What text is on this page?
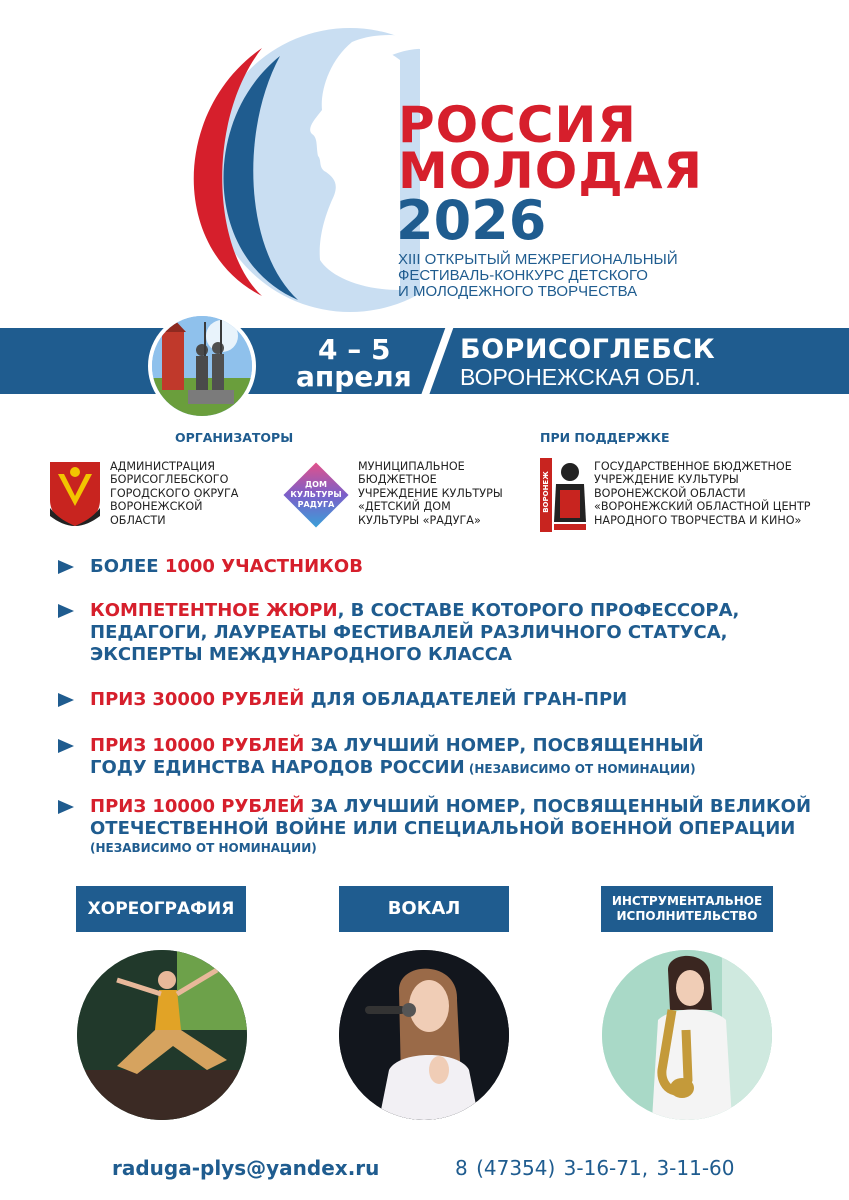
РОССИЯ
МОЛОДАЯ
2026
XIII ОТКРЫТЫЙ МЕЖРЕГИОНАЛЬНЫЙ
ФЕСТИВАЛЬ-КОНКУРС ДЕТСКОГО
И МОЛОДЕЖНОГО ТВОРЧЕСТВА
4 – 5
апреля
БОРИСОГЛЕБСК
ВОРОНЕЖСКАЯ ОБЛ.
ОРГАНИЗАТОРЫ	ПРИ ПОДДЕРЖКЕ
АДМИНИСТРАЦИЯ
БОРИСОГЛЕБСКОГО
ГОРОДСКОГО ОКРУГА
ВОРОНЕЖСКОЙ
ОБЛАСТИ
ДОМ
КУЛЬТУРЫ
РАДУГА
МУНИЦИПАЛЬНОЕ
БЮДЖЕТНОЕ
УЧРЕЖДЕНИЕ КУЛЬТУРЫ
«ДЕТСКИЙ ДОМ
КУЛЬТУРЫ «РАДУГА»
ВОРОНЕЖ
ГОСУДАРСТВЕННОЕ БЮДЖЕТНОЕ
УЧРЕЖДЕНИЕ КУЛЬТУРЫ
ВОРОНЕЖСКОЙ ОБЛАСТИ
«ВОРОНЕЖСКИЙ ОБЛАСТНОЙ ЦЕНТР
НАРОДНОГО ТВОРЧЕСТВА И КИНО»
БОЛЕЕ 1000 УЧАСТНИКОВ
КОМПЕТЕНТНОЕ ЖЮРИ, В СОСТАВЕ КОТОРОГО ПРОФЕССОРА,
ПЕДАГОГИ, ЛАУРЕАТЫ ФЕСТИВАЛЕЙ РАЗЛИЧНОГО СТАТУСА,
ЭКСПЕРТЫ МЕЖДУНАРОДНОГО КЛАССА
ПРИЗ 30000 РУБЛЕЙ ДЛЯ ОБЛАДАТЕЛЕЙ ГРАН-ПРИ
ПРИЗ 10000 РУБЛЕЙ ЗА ЛУЧШИЙ НОМЕР, ПОСВЯЩЕННЫЙ
ГОДУ ЕДИНСТВА НАРОДОВ РОССИИ (НЕЗАВИСИМО ОТ НОМИНАЦИИ)
ПРИЗ 10000 РУБЛЕЙ ЗА ЛУЧШИЙ НОМЕР, ПОСВЯЩЕННЫЙ ВЕЛИКОЙ
ОТЕЧЕСТВЕННОЙ ВОЙНЕ ИЛИ СПЕЦИАЛЬНОЙ ВОЕННОЙ ОПЕРАЦИИ
(НЕЗАВИСИМО ОТ НОМИНАЦИИ)
ХОРЕОГРАФИЯ	ВОКАЛ	ИНСТРУМЕНТАЛЬНОЕ
ИСПОЛНИТЕЛЬСТВО
raduga-plys@yandex.ru	8 (47354) 3-16-71, 3-11-60
